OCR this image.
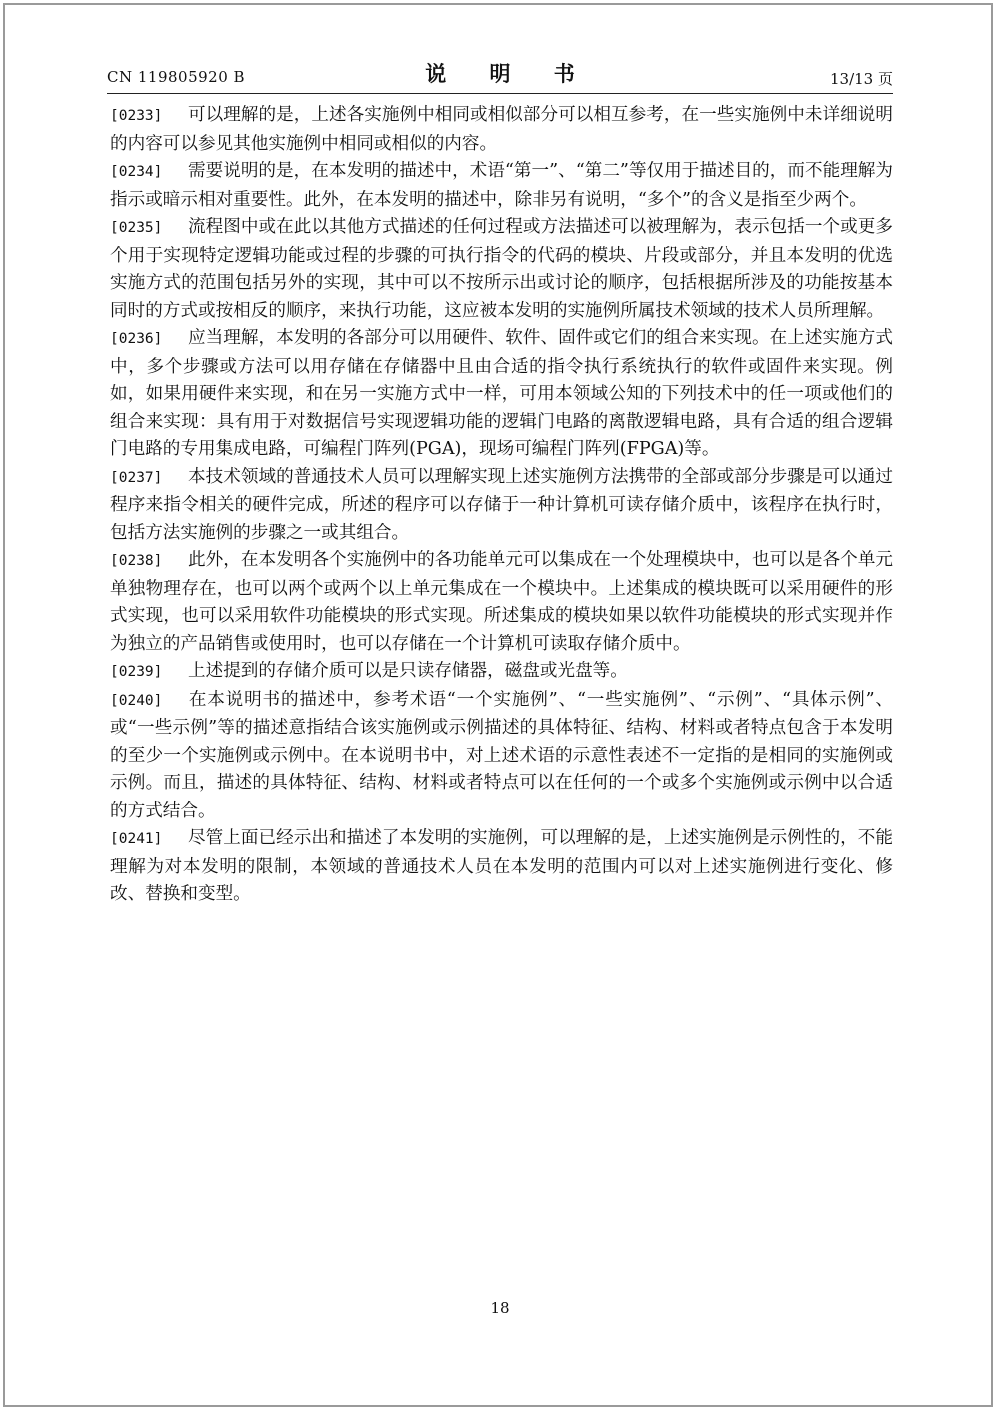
CN 119805920 B	说 明 书	13/13 页

[0233] 可以理解的是，上述各实施例中相同或相似部分可以相互参考，在一些实施例中未详细说明的内容可以参见其他实施例中相同或相似的内容。

[0234] 需要说明的是，在本发明的描述中，术语“第一”、“第二”等仅用于描述目的，而不能理解为指示或暗示相对重要性。此外，在本发明的描述中，除非另有说明，“多个”的含义是指至少两个。

[0235] 流程图中或在此以其他方式描述的任何过程或方法描述可以被理解为，表示包括一个或更多个用于实现特定逻辑功能或过程的步骤的可执行指令的代码的模块、片段或部分，并且本发明的优选实施方式的范围包括另外的实现，其中可以不按所示出或讨论的顺序，包括根据所涉及的功能按基本同时的方式或按相反的顺序，来执行功能，这应被本发明的实施例所属技术领域的技术人员所理解。

[0236] 应当理解，本发明的各部分可以用硬件、软件、固件或它们的组合来实现。在上述实施方式中，多个步骤或方法可以用存储在存储器中且由合适的指令执行系统执行的软件或固件来实现。例如，如果用硬件来实现，和在另一实施方式中一样，可用本领域公知的下列技术中的任一项或他们的组合来实现：具有用于对数据信号实现逻辑功能的逻辑门电路的离散逻辑电路，具有合适的组合逻辑门电路的专用集成电路，可编程门阵列(PGA)，现场可编程门阵列(FPGA)等。

[0237] 本技术领域的普通技术人员可以理解实现上述实施例方法携带的全部或部分步骤是可以通过程序来指令相关的硬件完成，所述的程序可以存储于一种计算机可读存储介质中，该程序在执行时，包括方法实施例的步骤之一或其组合。

[0238] 此外，在本发明各个实施例中的各功能单元可以集成在一个处理模块中，也可以是各个单元单独物理存在，也可以两个或两个以上单元集成在一个模块中。上述集成的模块既可以采用硬件的形式实现，也可以采用软件功能模块的形式实现。所述集成的模块如果以软件功能模块的形式实现并作为独立的产品销售或使用时，也可以存储在一个计算机可读取存储介质中。

[0239] 上述提到的存储介质可以是只读存储器，磁盘或光盘等。

[0240] 在本说明书的描述中，参考术语“一个实施例”、“一些实施例”、“示例”、“具体示例”、或“一些示例”等的描述意指结合该实施例或示例描述的具体特征、结构、材料或者特点包含于本发明的至少一个实施例或示例中。在本说明书中，对上述术语的示意性表述不一定指的是相同的实施例或示例。而且，描述的具体特征、结构、材料或者特点可以在任何的一个或多个实施例或示例中以合适的方式结合。

[0241] 尽管上面已经示出和描述了本发明的实施例，可以理解的是，上述实施例是示例性的，不能理解为对本发明的限制，本领域的普通技术人员在本发明的范围内可以对上述实施例进行变化、修改、替换和变型。

18
